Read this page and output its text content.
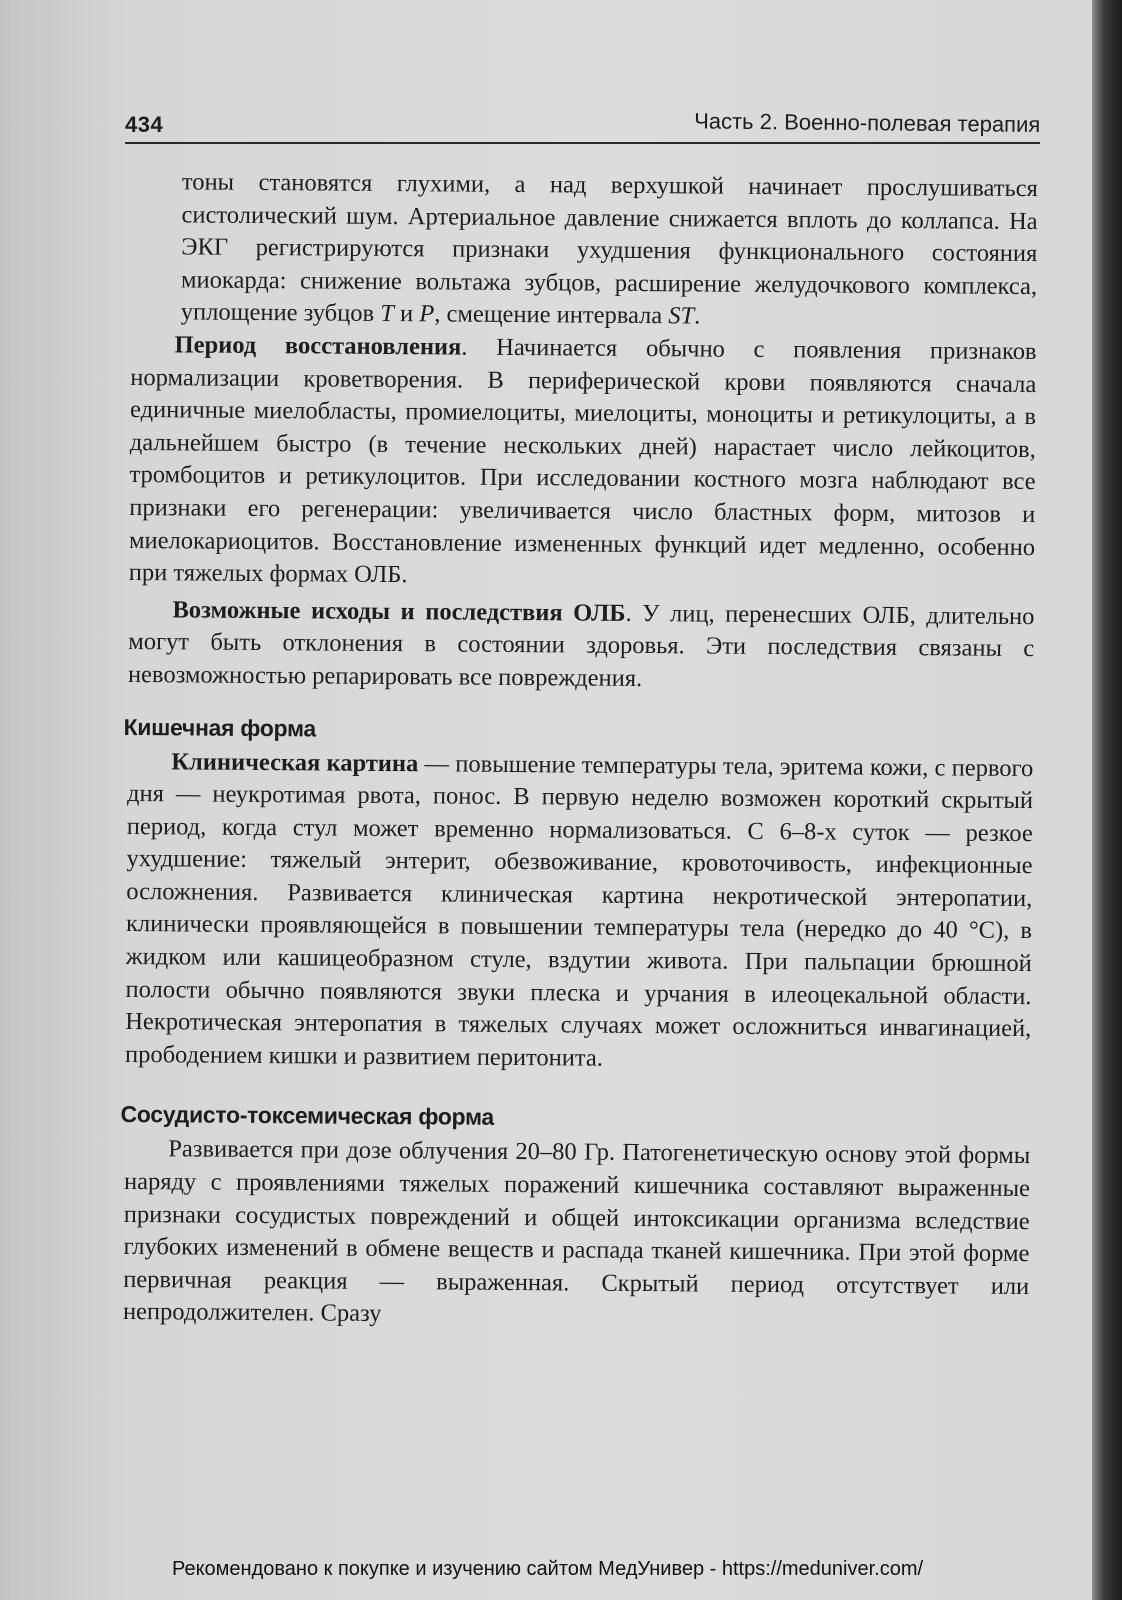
434	Часть 2. Военно-полевая терапия

тоны становятся глухими, а над верхушкой начинает прослушиваться систолический шум. Артериальное давление снижается вплоть до коллапса. На ЭКГ регистрируются признаки ухудшения функционального состояния миокарда: снижение вольтажа зубцов, расширение желудочкового комплекса, уплощение зубцов T и P, смещение интервала ST.

Период восстановления. Начинается обычно с появления признаков нормализации кроветворения. В периферической крови появляются сначала единичные миелобласты, промиелоциты, миелоциты, моноциты и ретикулоциты, а в дальнейшем быстро (в течение нескольких дней) нарастает число лейкоцитов, тромбоцитов и ретикулоцитов. При исследовании костного мозга наблюдают все признаки его регенерации: увеличивается число бластных форм, митозов и миелокариоцитов. Восстановление измененных функций идет медленно, особенно при тяжелых формах ОЛБ.

Возможные исходы и последствия ОЛБ. У лиц, перенесших ОЛБ, длительно могут быть отклонения в состоянии здоровья. Эти последствия связаны с невозможностью репарировать все повреждения.

Кишечная форма

Клиническая картина — повышение температуры тела, эритема кожи, с первого дня — неукротимая рвота, понос. В первую неделю возможен короткий скрытый период, когда стул может временно нормализоваться. С 6–8-х суток — резкое ухудшение: тяжелый энтерит, обезвоживание, кровоточивость, инфекционные осложнения. Развивается клиническая картина некротической энтеропатии, клинически проявляющейся в повышении температуры тела (нередко до 40 °С), в жидком или кашицеобразном стуле, вздутии живота. При пальпации брюшной полости обычно появляются звуки плеска и урчания в илеоцекальной области. Некротическая энтеропатия в тяжелых случаях может осложниться инвагинацией, прободением кишки и развитием перитонита.

Сосудисто-токсемическая форма

Развивается при дозе облучения 20–80 Гр. Патогенетическую основу этой формы наряду с проявлениями тяжелых поражений кишечника составляют выраженные признаки сосудистых повреждений и общей интоксикации организма вследствие глубоких изменений в обмене веществ и распада тканей кишечника. При этой форме первичная реакция — выраженная. Скрытый период отсутствует или непродолжителен. Сразу

Рекомендовано к покупке и изучению сайтом МедУнивер - https://meduniver.com/
